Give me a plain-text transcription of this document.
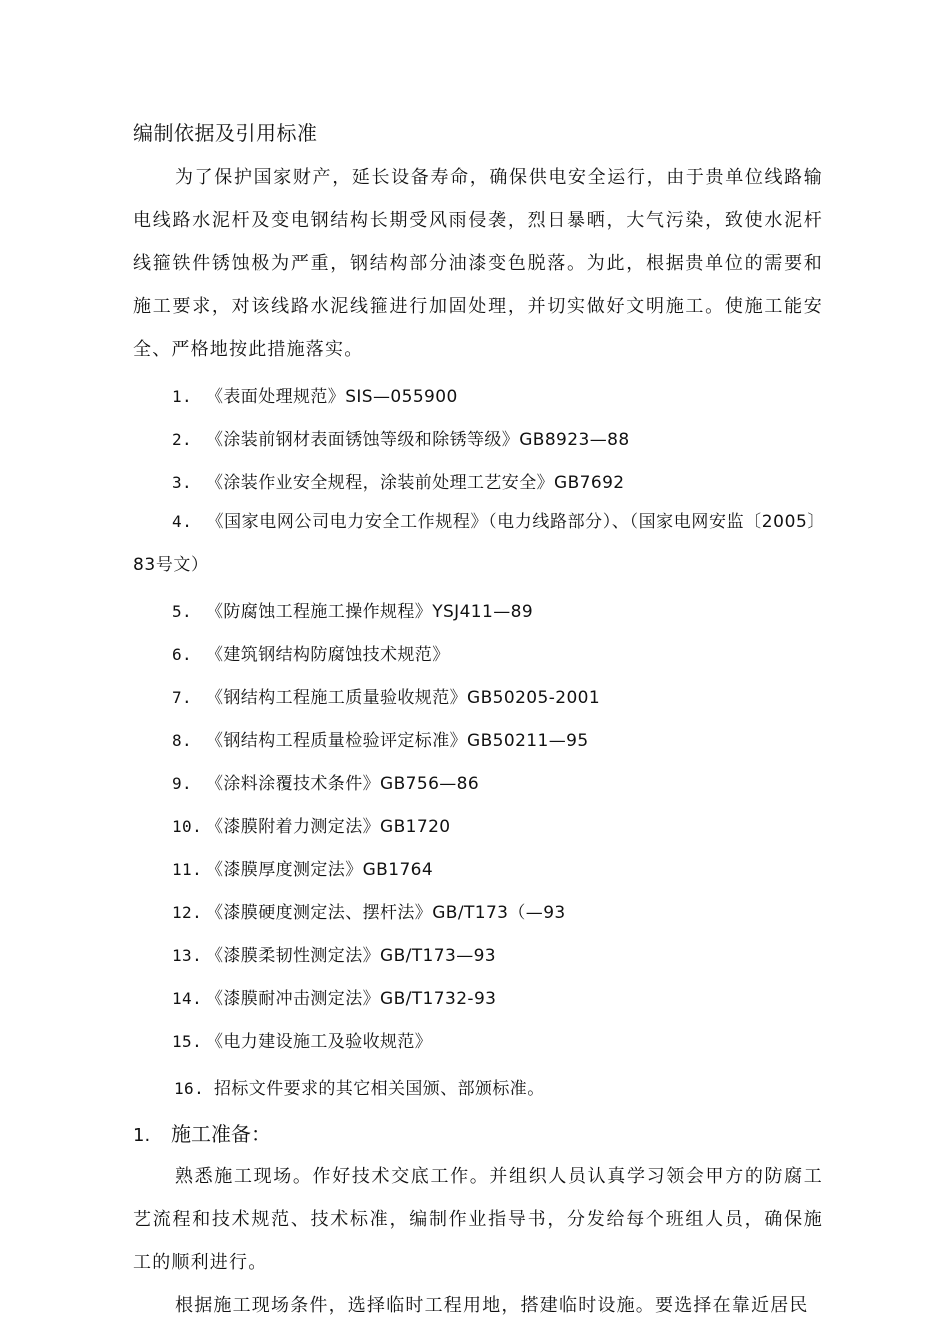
编制依据及引用标准

为了保护国家财产，延长设备寿命，确保供电安全运行，由于贵单位线路输电线路水泥杆及变电钢结构长期受风雨侵袭，烈日暴晒，大气污染，致使水泥杆线箍铁件锈蚀极为严重，钢结构部分油漆变色脱落。为此，根据贵单位的需要和施工要求，对该线路水泥线箍进行加固处理，并切实做好文明施工。使施工能安全、严格地按此措施落实。

1. 《表面处理规范》SIS—055900
2. 《涂装前钢材表面锈蚀等级和除锈等级》GB8923—88
3. 《涂装作业安全规程，涂装前处理工艺安全》GB7692

4. 《国家电网公司电力安全工作规程》（电力线路部分）、（国家电网安监〔2005〕83号文）

5. 《防腐蚀工程施工操作规程》YSJ411—89
6. 《建筑钢结构防腐蚀技术规范》
7. 《钢结构工程施工质量验收规范》GB50205-2001
8. 《钢结构工程质量检验评定标准》GB50211—95
9. 《涂料涂覆技术条件》GB756—86
10. 《漆膜附着力测定法》GB1720
11. 《漆膜厚度测定法》GB1764
12. 《漆膜硬度测定法、摆杆法》GB/T173（—93
13. 《漆膜柔韧性测定法》GB/T173—93
14. 《漆膜耐冲击测定法》GB/T1732-93
15. 《电力建设施工及验收规范》
16. 招标文件要求的其它相关国颁、部颁标准。
1. 施工准备：

熟悉施工现场。作好技术交底工作。并组织人员认真学习领会甲方的防腐工艺流程和技术规范、技术标准，编制作业指导书，分发给每个班组人员，确保施工的顺利进行。

根据施工现场条件，选择临时工程用地，搭建临时设施。要选择在靠近居民
